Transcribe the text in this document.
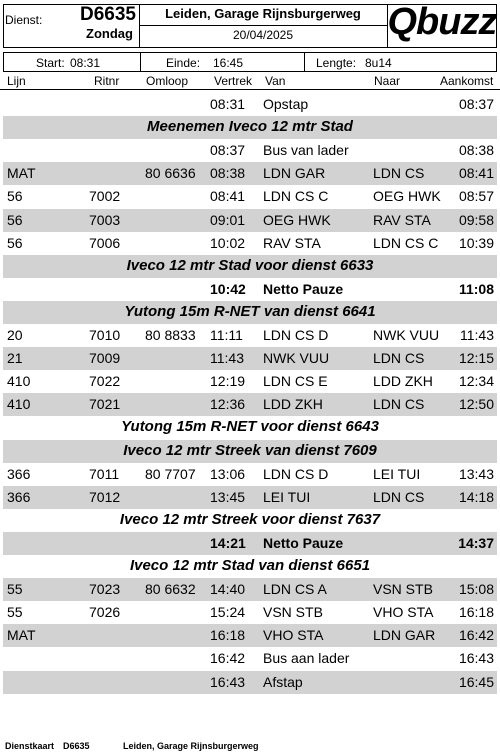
Dienst: D6635
Zondag
Leiden, Garage Rijnsburgerweg
20/04/2025	Qbuzz
Start: 08:31	Einde: 16:45	Lengte: 8u14
Lijn	Ritnr Omloop Vertrek Van	Naar	Aankomst
08:31 Opstap	08:37
Meenemen Iveco 12 mtr Stad
08:37 Bus van lader	08:38
MAT	80 6636 08:38 LDN GAR	LDN CS 08:41
56	7002	08:41 LDN CS C	OEG HWK 08:57
56	7003	09:01 OEG HWK	RAV STA 09:58
56	7006	10:02 RAV STA	LDN CS C 10:39
Iveco 12 mtr Stad voor dienst 6633
10:42 Netto Pauze	11:08
Yutong 15m R-NET van dienst 6641
20	7010 80 8833 11:11 LDN CS D	NWK VUU 11:43
21	7009	11:43 NWK VUU	LDN CS 12:15
410	7022	12:19 LDN CS E	LDD ZKH 12:34
410	7021	12:36 LDD ZKH	LDN CS 12:50
Yutong 15m R-NET voor dienst 6643
Iveco 12 mtr Streek van dienst 7609
366	7011 80 7707 13:06 LDN CS D	LEI TUI	13:43
366	7012	13:45 LEI TUI	LDN CS 14:18
Iveco 12 mtr Streek voor dienst 7637
14:21 Netto Pauze	14:37
Iveco 12 mtr Stad van dienst 6651
55	7023 80 6632 14:40 LDN CS A	VSN STB 15:08
55	7026	15:24 VSN STB	VHO STA 16:18
MAT	16:18 VHO STA	LDN GAR 16:42
16:42 Bus aan lader	16:43
16:43 Afstap	16:45
Dienstkaart D6635	Leiden, Garage Rijnsburgerweg
